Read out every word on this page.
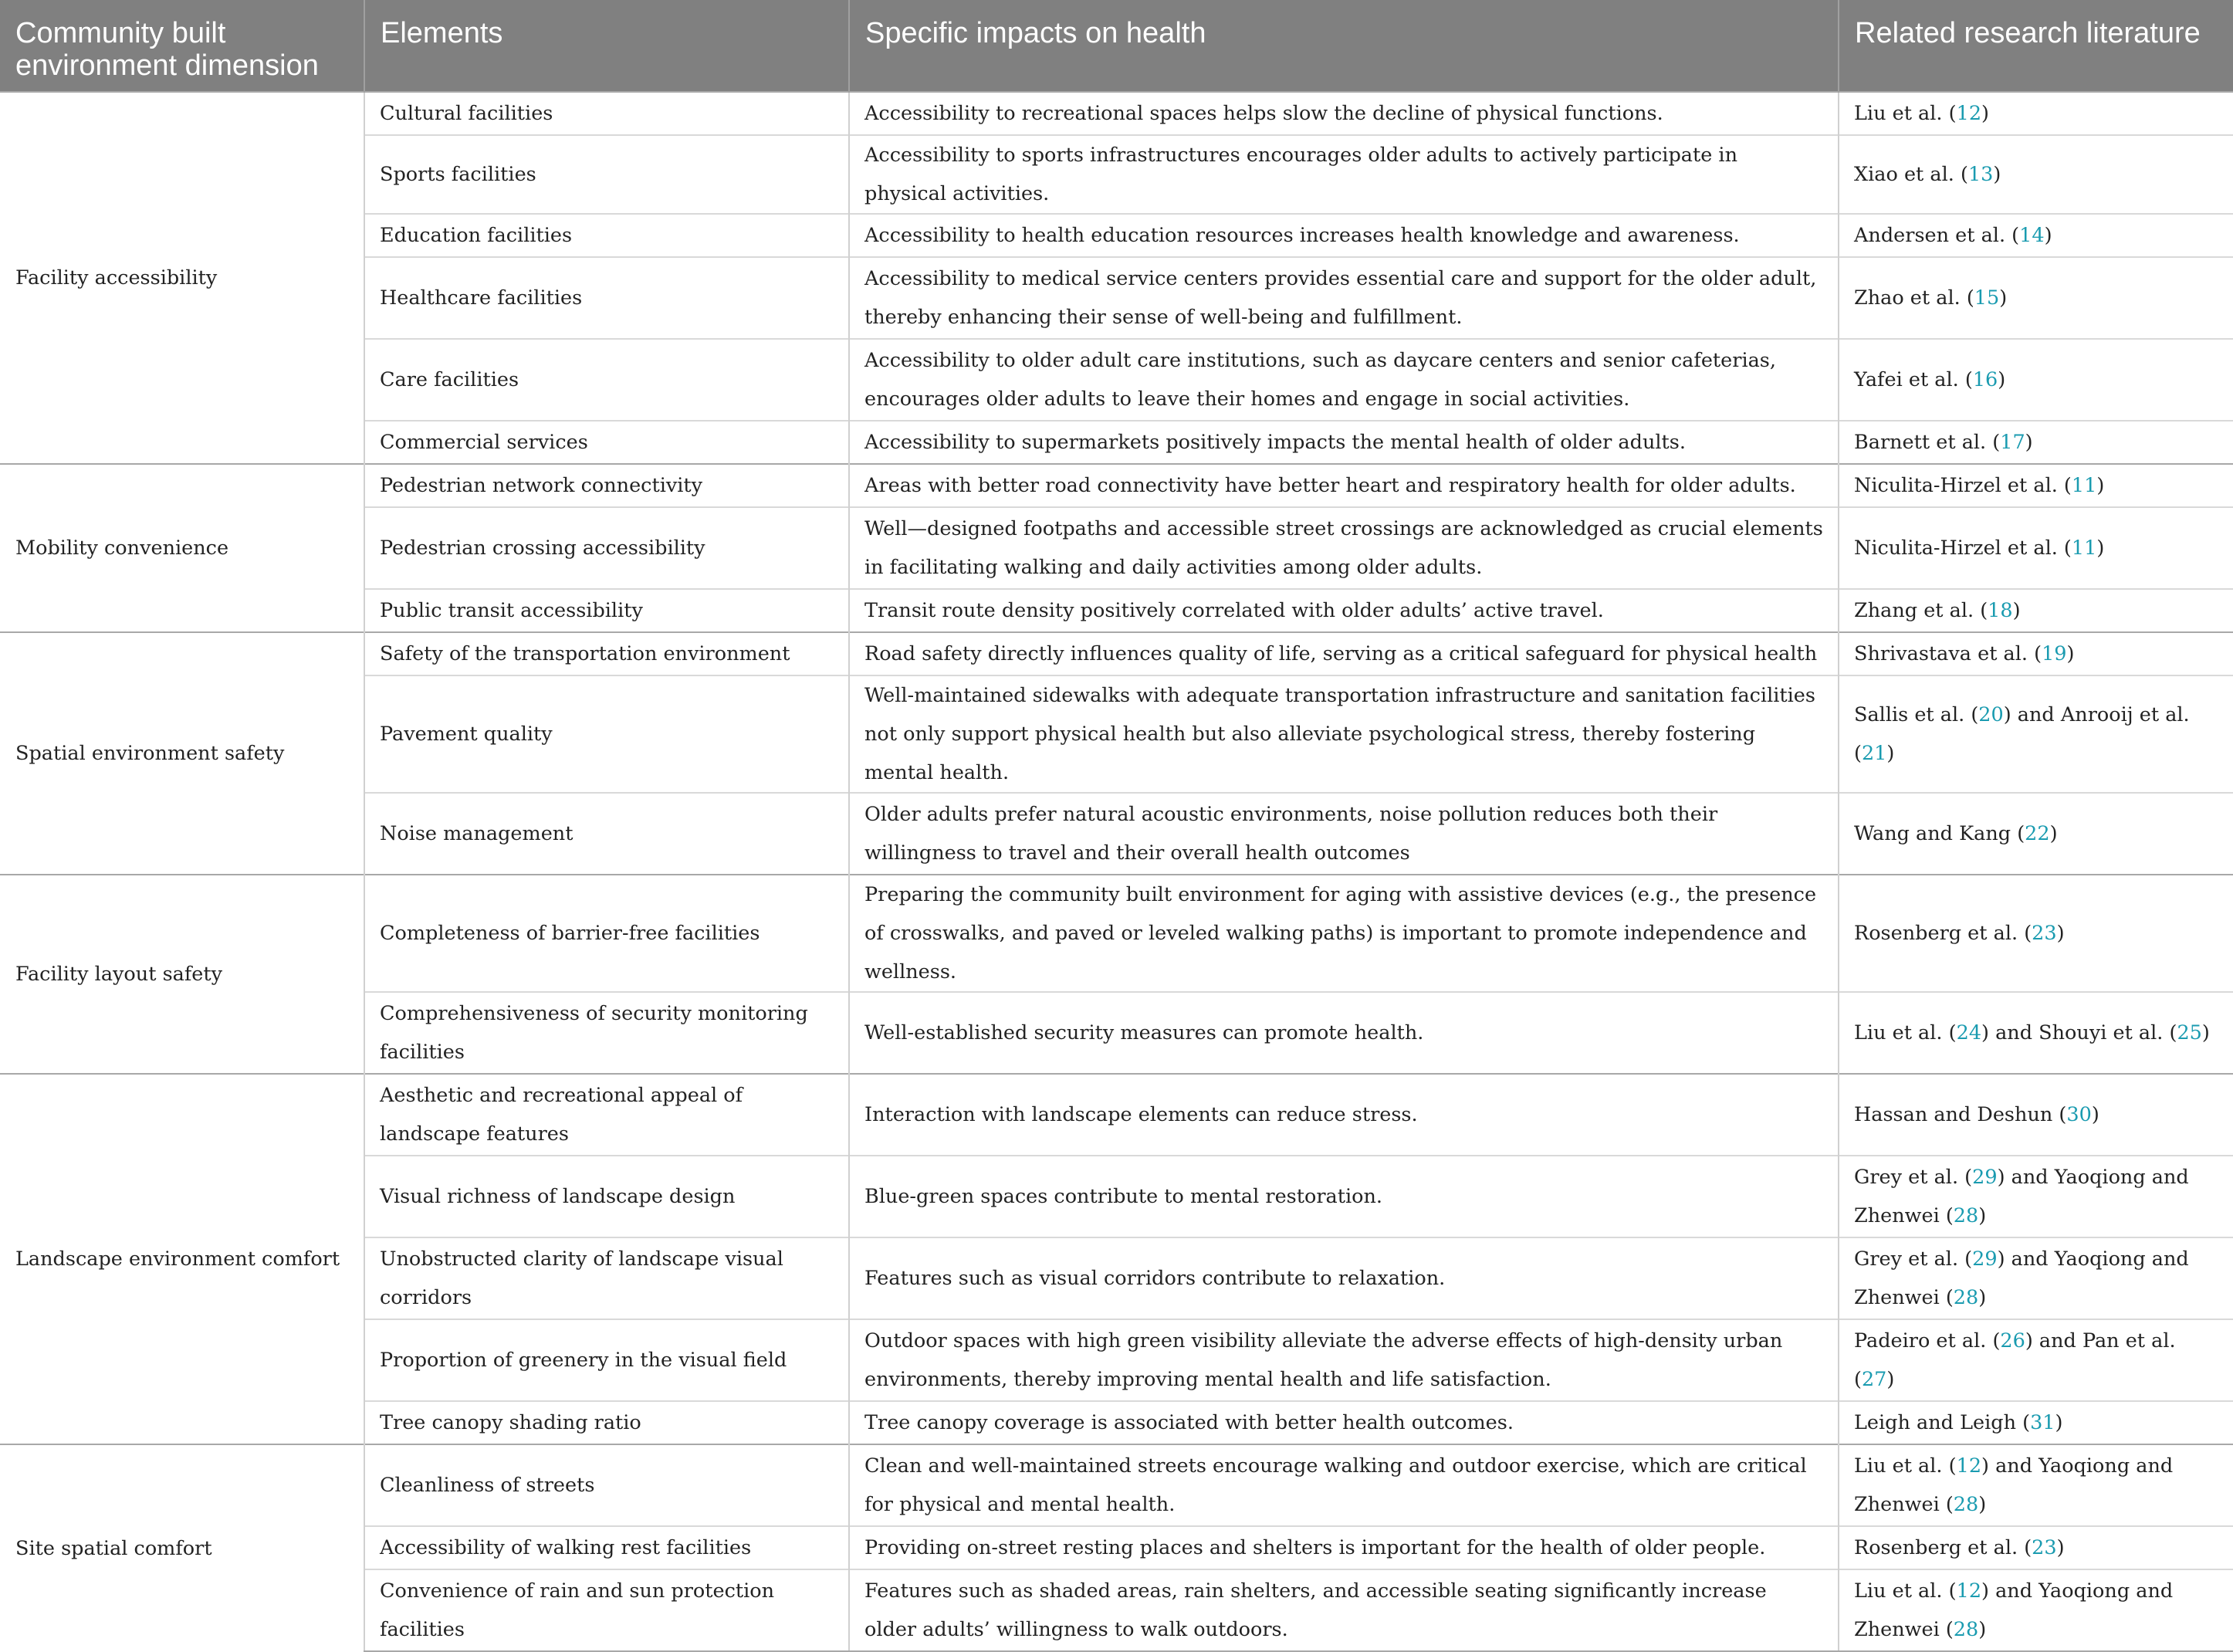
Community built environment dimension	Elements	Specific impacts on health	Related research literature
Facility accessibility	Cultural facilities	Accessibility to recreational spaces helps slow the decline of physical functions.	Liu et al. (12)
	Sports facilities	Accessibility to sports infrastructures encourages older adults to actively participate in physical activities.	Xiao et al. (13)
	Education facilities	Accessibility to health education resources increases health knowledge and awareness.	Andersen et al. (14)
	Healthcare facilities	Accessibility to medical service centers provides essential care and support for the older adult, thereby enhancing their sense of well-being and fulfillment.	Zhao et al. (15)
	Care facilities	Accessibility to older adult care institutions, such as daycare centers and senior cafeterias, encourages older adults to leave their homes and engage in social activities.	Yafei et al. (16)
	Commercial services	Accessibility to supermarkets positively impacts the mental health of older adults.	Barnett et al. (17)
Mobility convenience	Pedestrian network connectivity	Areas with better road connectivity have better heart and respiratory health for older adults.	Niculita-Hirzel et al. (11)
	Pedestrian crossing accessibility	Well—designed footpaths and accessible street crossings are acknowledged as crucial elements in facilitating walking and daily activities among older adults.	Niculita-Hirzel et al. (11)
	Public transit accessibility	Transit route density positively correlated with older adults’ active travel.	Zhang et al. (18)
Spatial environment safety	Safety of the transportation environment	Road safety directly influences quality of life, serving as a critical safeguard for physical health	Shrivastava et al. (19)
	Pavement quality	Well-maintained sidewalks with adequate transportation infrastructure and sanitation facilities not only support physical health but also alleviate psychological stress, thereby fostering mental health.	Sallis et al. (20) and Anrooij et al. (21)
	Noise management	Older adults prefer natural acoustic environments, noise pollution reduces both their willingness to travel and their overall health outcomes	Wang and Kang (22)
Facility layout safety	Completeness of barrier-free facilities	Preparing the community built environment for aging with assistive devices (e.g., the presence of crosswalks, and paved or leveled walking paths) is important to promote independence and wellness.	Rosenberg et al. (23)
	Comprehensiveness of security monitoring facilities	Well-established security measures can promote health.	Liu et al. (24) and Shouyi et al. (25)
Landscape environment comfort	Aesthetic and recreational appeal of landscape features	Interaction with landscape elements can reduce stress.	Hassan and Deshun (30)
	Visual richness of landscape design	Blue-green spaces contribute to mental restoration.	Grey et al. (29) and Yaoqiong and Zhenwei (28)
	Unobstructed clarity of landscape visual corridors	Features such as visual corridors contribute to relaxation.	Grey et al. (29) and Yaoqiong and Zhenwei (28)
	Proportion of greenery in the visual field	Outdoor spaces with high green visibility alleviate the adverse effects of high-density urban environments, thereby improving mental health and life satisfaction.	Padeiro et al. (26) and Pan et al. (27)
	Tree canopy shading ratio	Tree canopy coverage is associated with better health outcomes.	Leigh and Leigh (31)
Site spatial comfort	Cleanliness of streets	Clean and well-maintained streets encourage walking and outdoor exercise, which are critical for physical and mental health.	Liu et al. (12) and Yaoqiong and Zhenwei (28)
	Accessibility of walking rest facilities	Providing on-street resting places and shelters is important for the health of older people.	Rosenberg et al. (23)
	Convenience of rain and sun protection facilities	Features such as shaded areas, rain shelters, and accessible seating significantly increase older adults’ willingness to walk outdoors.	Liu et al. (12) and Yaoqiong and Zhenwei (28)
